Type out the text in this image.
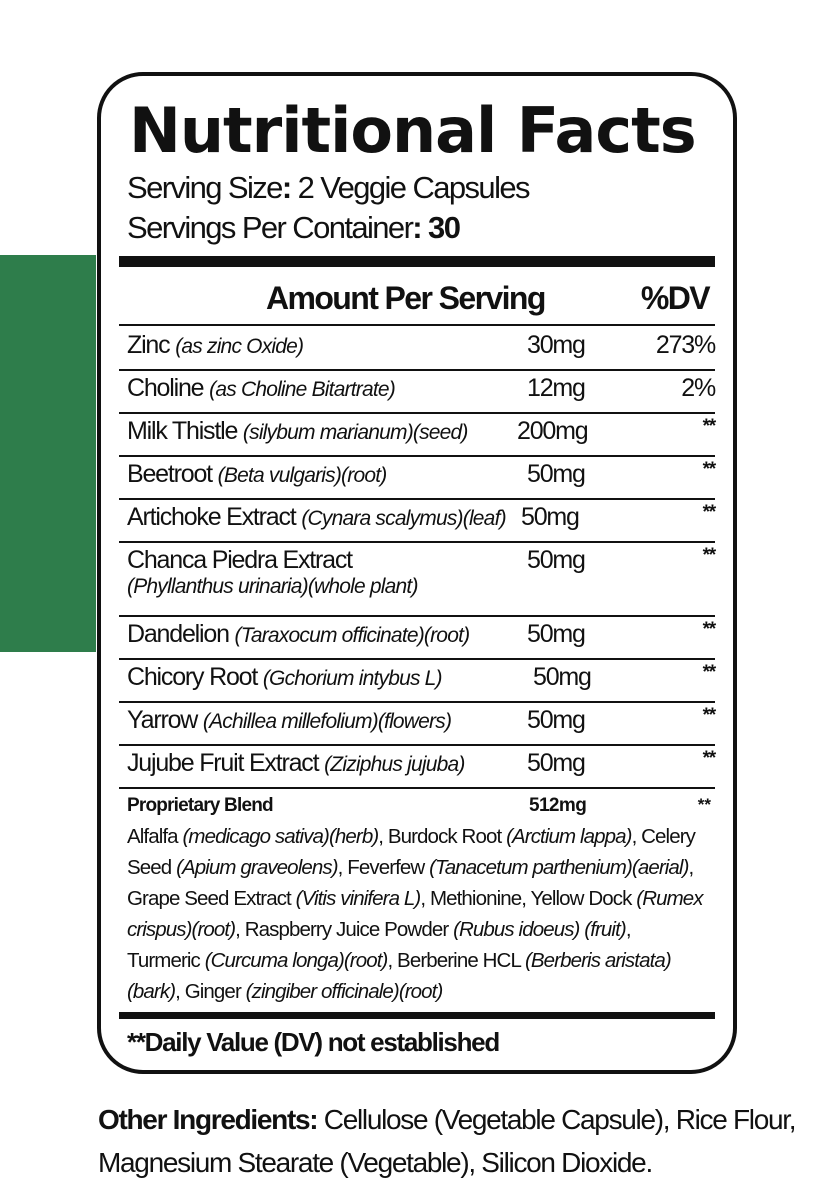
Nutritional Facts
Serving Size: 2 Veggie Capsules
Servings Per Container: 30
Amount Per Serving	%DV
Zinc (as zinc Oxide)	30mg	273%
Choline (as Choline Bitartrate)	12mg	2%
Milk Thistle (silybum marianum)(seed) 200mg	**
Beetroot (Beta vulgaris)(root)	50mg	**
Artichoke Extract (Cynara scalymus)(leaf) 50mg	**
Chanca Piedra Extract
(Phyllanthus urinaria)(whole plant)
50mg	**
Dandelion (Taraxocum officinate)(root) 50mg	**
Chicory Root (Gchorium intybus L)	50mg	**
Yarrow (Achillea millefolium)(flowers)	50mg	**
Jujube Fruit Extract (Ziziphus jujuba) 50mg	**
Proprietary Blend	512mg	**
Alfalfa (medicago sativa)(herb), Burdock Root (Arctium lappa), Celery Seed (Apium graveolens), Feverfew (Tanacetum parthenium)(aerial), Grape Seed Extract (Vitis vinifera L), Methionine, Yellow Dock (Rumex crispus)(root), Raspberry Juice Powder (Rubus idoeus) (fruit), Turmeric (Curcuma longa)(root), Berberine HCL (Berberis aristata)(bark), Ginger (zingiber officinale)(root)
**Daily Value (DV) not established
Other Ingredients: Cellulose (Vegetable Capsule), Rice Flour, Magnesium Stearate (Vegetable), Silicon Dioxide.
